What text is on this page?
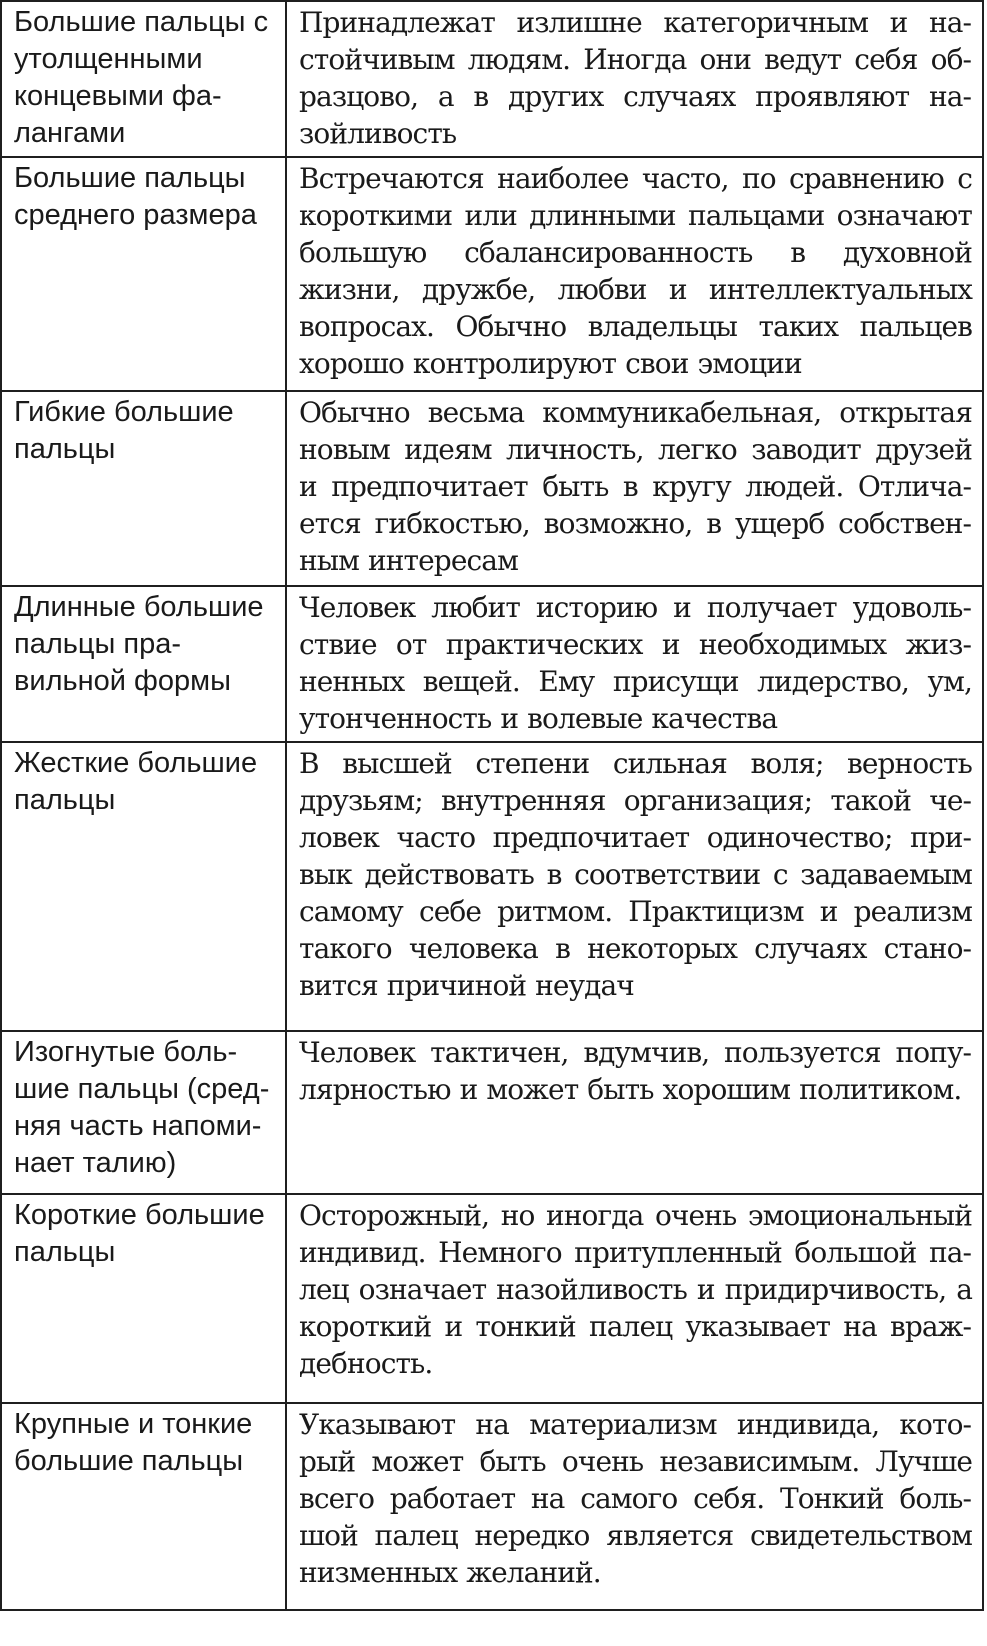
Большие пальцы с утолщенными концевыми фалангами	Принадлежат излишне категоричным и настойчивым людям. Иногда они ведут себя образцово, а в других случаях проявляют назойливость

Большие пальцы среднего размера	Встречаются наиболее часто, по сравнению с короткими или длинными пальцами означают большую сбалансированность в духовной жизни, дружбе, любви и интеллектуальных вопросах. Обычно владельцы таких пальцев хорошо контролируют свои эмоции

Гибкие большие пальцы	Обычно весьма коммуникабельная, открытая новым идеям личность, легко заводит друзей и предпочитает быть в кругу людей. Отличается гибкостью, возможно, в ущерб собственным интересам

Длинные большие пальцы правильной формы	Человек любит историю и получает удовольствие от практических и необходимых жизненных вещей. Ему присущи лидерство, ум, утонченность и волевые качества

Жесткие большие пальцы	В высшей степени сильная воля; верность друзьям; внутренняя организация; такой человек часто предпочитает одиночество; привык действовать в соответствии с задаваемым самому себе ритмом. Практицизм и реализм такого человека в некоторых случаях становится причиной неудач

Изогнутые большие пальцы (средняя часть напоминает талию)	Человек тактичен, вдумчив, пользуется популярностью и может быть хорошим политиком.

Короткие большие пальцы	Осторожный, но иногда очень эмоциональный индивид. Немного притупленный большой палец означает назойливость и придирчивость, а короткий и тонкий палец указывает на враждебность.

Крупные и тонкие большие пальцы	Указывают на материализм индивида, который может быть очень независимым. Лучше всего работает на самого себя. Тонкий большой палец нередко является свидетельством низменных желаний.
